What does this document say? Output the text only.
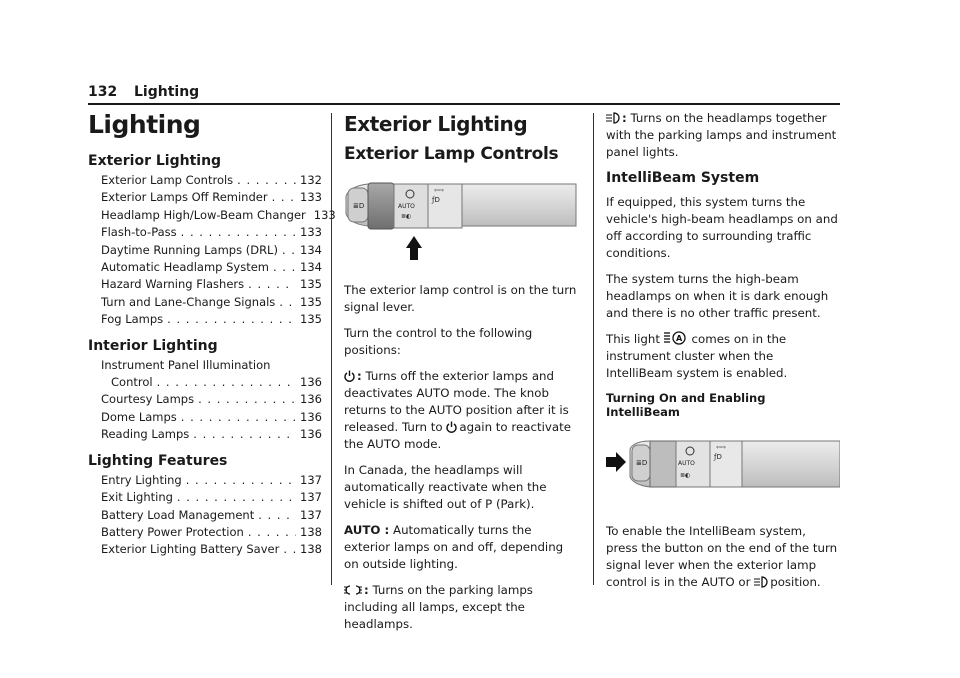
132 Lighting
Lighting
Exterior Lighting
Exterior Lamp Controls . . .	132
Exterior Lamps Off Reminder . . .	133
Headlamp High/Low-Beam Changer 133
Flash-to-Pass . . .	133
Daytime Running Lamps (DRL) . . . 134
Automatic Headlamp System . . .	134
Hazard Warning Flashers . . .	135
Turn and Lane-Change Signals . . . 135
Fog Lamps . . .	135
Interior Lighting
Instrument Panel Illumination
Control . . .	136
Courtesy Lamps . . .	136
Dome Lamps . . .	136
Reading Lamps . . .	136
Lighting Features
Entry Lighting . . .	137
Exit Lighting . . .	137
Battery Load Management . . .	137
Battery Power Protection . . .	138
Exterior Lighting Battery Saver . . . 138
Exterior Lighting
Exterior Lamp Controls
AUTO
≣◐
⇦⇨
ƒD
≣D

The exterior lamp control is on the turn signal lever.

Turn the control to the following positions:

: Turns off the exterior lamps and deactivates AUTO mode. The knob returns to the AUTO position after it is released. Turn to again to reactivate the AUTO mode.

In Canada, the headlamps will automatically reactivate when the vehicle is shifted out of P (Park).

AUTO : Automatically turns the exterior lamps on and off, depending on outside lighting.

: Turns on the parking lamps including all lamps, except the headlamps.

: Turns on the headlamps together with the parking lamps and instrument panel lights.

IntelliBeam System

If equipped, this system turns the vehicle's high-beam headlamps on and off according to surrounding traffic conditions.

The system turns the high-beam headlamps on when it is dark enough and there is no other traffic present.

This light A comes on in the instrument cluster when the IntelliBeam system is enabled.

Turning On and Enabling IntelliBeam
AUTO
≣◐
⇦⇨
ƒD
≣D

To enable the IntelliBeam system, press the button on the end of the turn signal lever when the exterior lamp control is in the AUTO or position.
